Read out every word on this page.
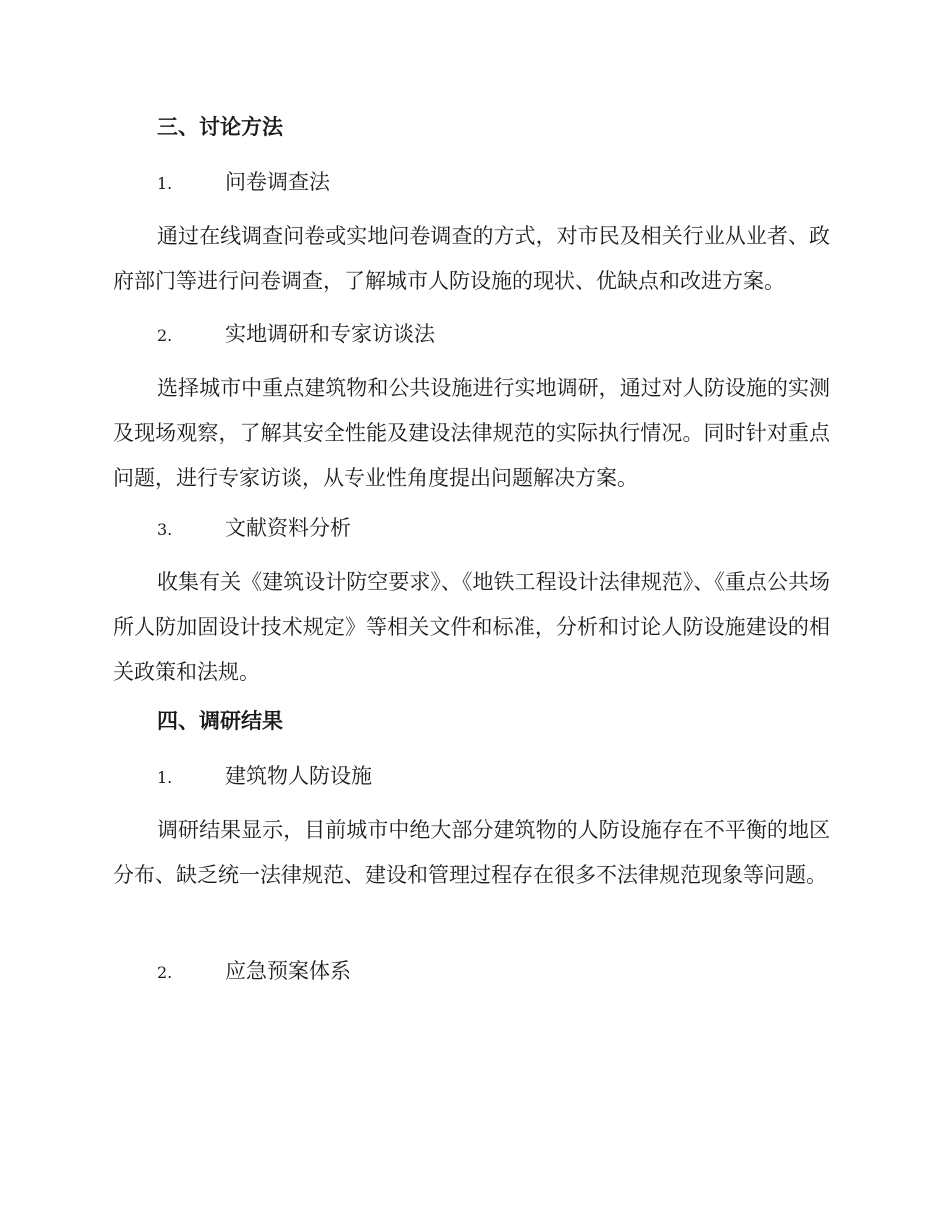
三、讨论方法
1.	问卷调查法

通过在线调查问卷或实地问卷调查的方式，对市民及相关行业从业者、政府部门等进行问卷调查，了解城市人防设施的现状、优缺点和改进方案。

2.	实地调研和专家访谈法

选择城市中重点建筑物和公共设施进行实地调研，通过对人防设施的实测及现场观察，了解其安全性能及建设法律规范的实际执行情况。同时针对重点问题，进行专家访谈，从专业性角度提出问题解决方案。

3.	文献资料分析

收集有关《建筑设计防空要求》、《地铁工程设计法律规范》、《重点公共场所人防加固设计技术规定》等相关文件和标准，分析和讨论人防设施建设的相关政策和法规。

四、调研结果
1.	建筑物人防设施

调研结果显示，目前城市中绝大部分建筑物的人防设施存在不平衡的地区分布、缺乏统一法律规范、建设和管理过程存在很多不法律规范现象等问题。

2.	应急预案体系
